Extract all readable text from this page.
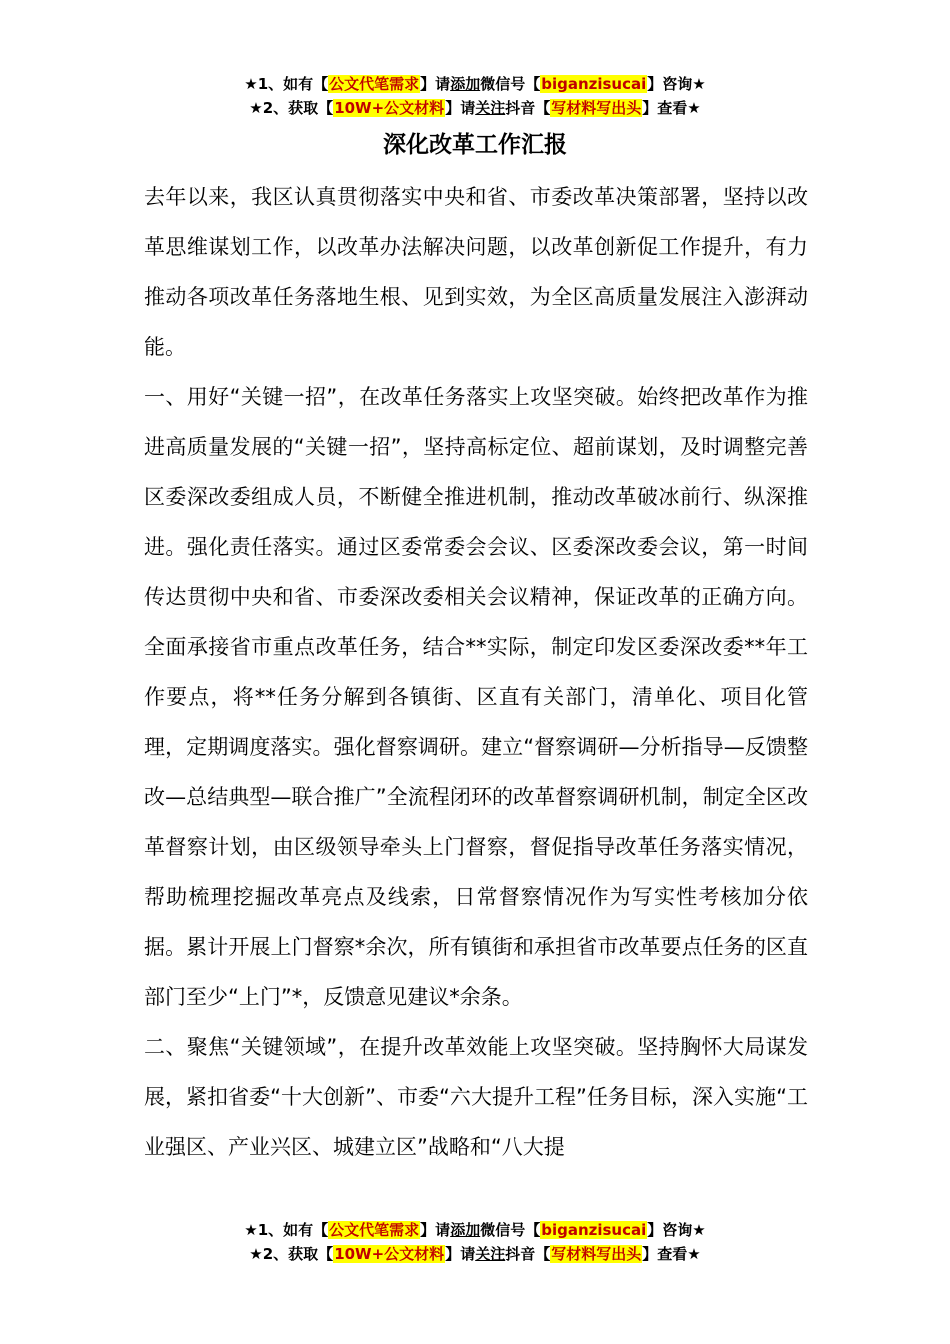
★1、如有【公文代笔需求】请添加微信号【biganzisucai】咨询★
★2、获取【10W+公文材料】请关注抖音【写材料写出头】查看★
深化改革工作汇报

去年以来，我区认真贯彻落实中央和省、市委改革决策部署，坚持以改革思维谋划工作，以改革办法解决问题，以改革创新促工作提升，有力推动各项改革任务落地生根、见到实效，为全区高质量发展注入澎湃动能。

一、用好“关键一招”，在改革任务落实上攻坚突破。始终把改革作为推进高质量发展的“关键一招”，坚持高标定位、超前谋划，及时调整完善区委深改委组成人员，不断健全推进机制，推动改革破冰前行、纵深推进。强化责任落实。通过区委常委会会议、区委深改委会议，第一时间传达贯彻中央和省、市委深改委相关会议精神，保证改革的正确方向。全面承接省市重点改革任务，结合**实际，制定印发区委深改委**年工作要点，将**任务分解到各镇街、区直有关部门，清单化、项目化管理，定期调度落实。强化督察调研。建立“督察调研—分析指导—反馈整改—总结典型—联合推广”全流程闭环的改革督察调研机制，制定全区改革督察计划，由区级领导牵头上门督察，督促指导改革任务落实情况，帮助梳理挖掘改革亮点及线索，日常督察情况作为写实性考核加分依据。累计开展上门督察*余次，所有镇街和承担省市改革要点任务的区直部门至少“上门”*，反馈意见建议*余条。

二、聚焦“关键领域”，在提升改革效能上攻坚突破。坚持胸怀大局谋发展，紧扣省委“十大创新”、市委“六大提升工程”任务目标，深入实施“工业强区、产业兴区、城建立区”战略和“八大提

★1、如有【公文代笔需求】请添加微信号【biganzisucai】咨询★
★2、获取【10W+公文材料】请关注抖音【写材料写出头】查看★
